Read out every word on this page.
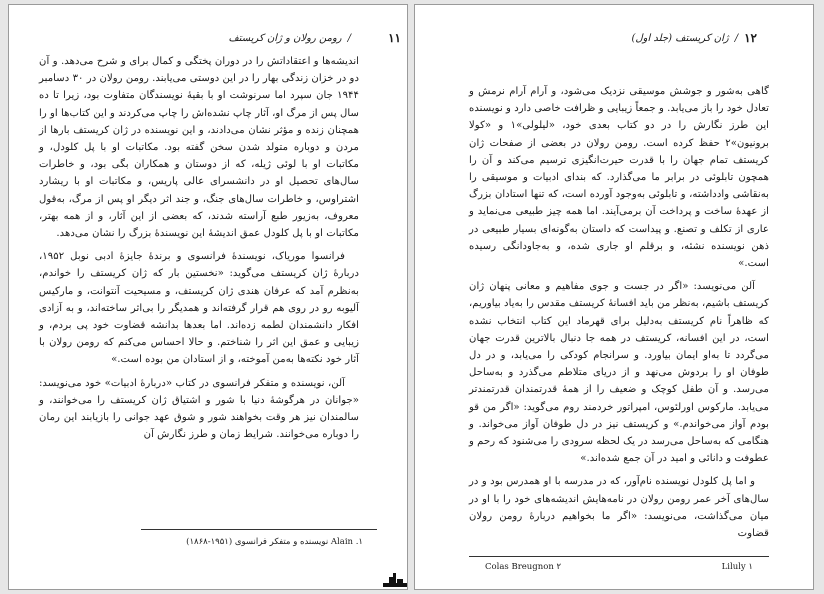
۱۱
/
رومن رولان و ژان کریستف

اندیشه‌ها و اعتقاداتش را در دوران پختگی و کمال برای و شرح می‌دهد. و آن دو در خزان زندگی بهار را در این دوستی می‌یابند. رومن رولان در ۳۰ دسامبر ۱۹۴۴ جان سپرد اما سرنوشت او با بقیهٔ نویسندگان متفاوت بود، زیرا تا ده سال پس از مرگ او، آثار چاپ نشده‌اش را چاپ می‌کردند و این کتاب‌ها او را همچنان زنده و مؤثر نشان می‌دادند، و این نویسنده در ژان کریستف بارها از مردن و دوباره متولد شدن سخن گفته بود. مکاتبات او با پل کلودل، و مکاتبات او با لوئی ژیله، که از دوستان و همکاران بگی بود، و خاطرات سال‌های تحصیل او در دانشسرای عالی پاریس، و مکاتبات او با ریشارد اشتراوس، و خاطرات سال‌های جنگ، و جند اثر دیگر او پس از مرگ، به‌قول معروف، به‌زیور طبع آراسته شدند، که بعضی از این آثار، و از همه بهتر، مکاتبات او با پل کلودل عمق اندیشهٔ این نویسندهٔ بزرگ را نشان می‌دهد.

فرانسوا موریاک، نویسندهٔ فرانسوی و برندهٔ جایزهٔ ادبی نوبل ۱۹۵۲، دربارهٔ ژان کریستف می‌گوید: «نخستین بار که ژان کریستف را خواندم، به‌نظرم آمد که عرفان هندی ژان کریستف، و مسیحیت آنتوانت، و مارکیس آلیوبه رو در روی هم قرار گرفته‌اند و همدیگر را بی‌اثر ساخته‌اند، و به آزادی افکار دانشمندان لطمه زده‌اند. اما بعدها بدانشه قضاوت خود پی بردم، و زیبایی و عمق این اثر را شناختم. و حالا احساس می‌کنم که رومن رولان با آثار خود نکته‌ها به‌من آموخته، و از استادان من بوده است.»

آلن، نویسنده و متفکر فرانسوی در کتاب «دربارهٔ ادبیات» خود می‌نویسد: «جوانان در هرگوشهٔ دنیا با شور و اشتیاق ژان کریستف را می‌خوانند، و سالمندان نیز هر وقت بخواهند شور و شوق عهد جوانی را بازیابند این رمان را دوباره می‌خوانند. شرایط زمان و طرز نگارش آن

۱. Alain نویسنده و متفکر فرانسوی (۱۹۵۱-۱۸۶۸)
۱۲
/
ژان کریستف (جلد اول)

گاهی به‌شور و جوشش موسیقی نزدیک می‌شود، و آرام آرام نرمش و تعادل خود را باز می‌یابد. و جمعاً زیبایی و ظرافت خاصی دارد و نویسنده این طرز نگارش را در دو کتاب بعدی خود، «لیلولی»۱ و «کولا برونیون»۲ حفظ کرده است. رومن رولان در بعضی از صفحات ژان کریستف تمام جهان را با قدرت حیرت‌انگیزی ترسیم می‌کند و آن را همچون تابلوئی در برابر ما می‌گذارد. که بندای ادبیات و موسیقی را به‌نقاشی وادداشته، و تابلوئی به‌وجود آورده است، که تنها استادان بزرگ از عهدهٔ ساخت و پرداخت آن برمی‌آیند. اما همه چیز طبیعی می‌نماید و عاری از تکلف و تصنع. و پیداست که داستان به‌گونه‌ای بسیار طبیعی در ذهن نویسنده نشئه، و برقلم او جاری شده، و به‌جاودانگی رسیده است.»

آلن می‌نویسد: «اگر در جست و جوی مفاهیم و معانی پنهان ژان کریستف باشیم، به‌نظر من باید افسانهٔ کریستف مقدس را به‌یاد بیاوریم، که ظاهراً نام کریستف به‌دلیل برای قهرماد این کتاب انتخاب نشده است، در این افسانه، کریستف در همه جا دنبال بالاترین قدرت جهان می‌گردد تا به‌او ایمان بیاورد. و سرانجام کودکی را می‌یابد، و در دل طوفان او را بردوش می‌نهد و از دریای متلاطم می‌گذرد و به‌ساحل می‌رسد. و آن طفل کوچک و ضعیف را از همهٔ قدرتمندان قدرتمندتر می‌یابد. مارکوس اورلئوس، امپراتور خردمند روم می‌گوید: «اگر من قو بودم آواز می‌خواندم.» و کریستف نیز در دل طوفان آواز می‌خواند. و هنگامی که به‌ساحل می‌رسد در یک لحظه سرودی را می‌شنود که رحم و عطوفت و دانائی و امید در آن جمع شده‌اند.»

و اما پل کلودل نویسنده نام‌آور، که در مدرسه با او همدرس بود و در سال‌های آخر عمر رومن رولان در نامه‌هایش اندیشه‌های خود را با او در میان می‌گذاشت، می‌نویسد: «اگر ما بخواهیم دربارهٔ رومن رولان قضاوت

Colas Breugnon ۲	Liluly ۱
